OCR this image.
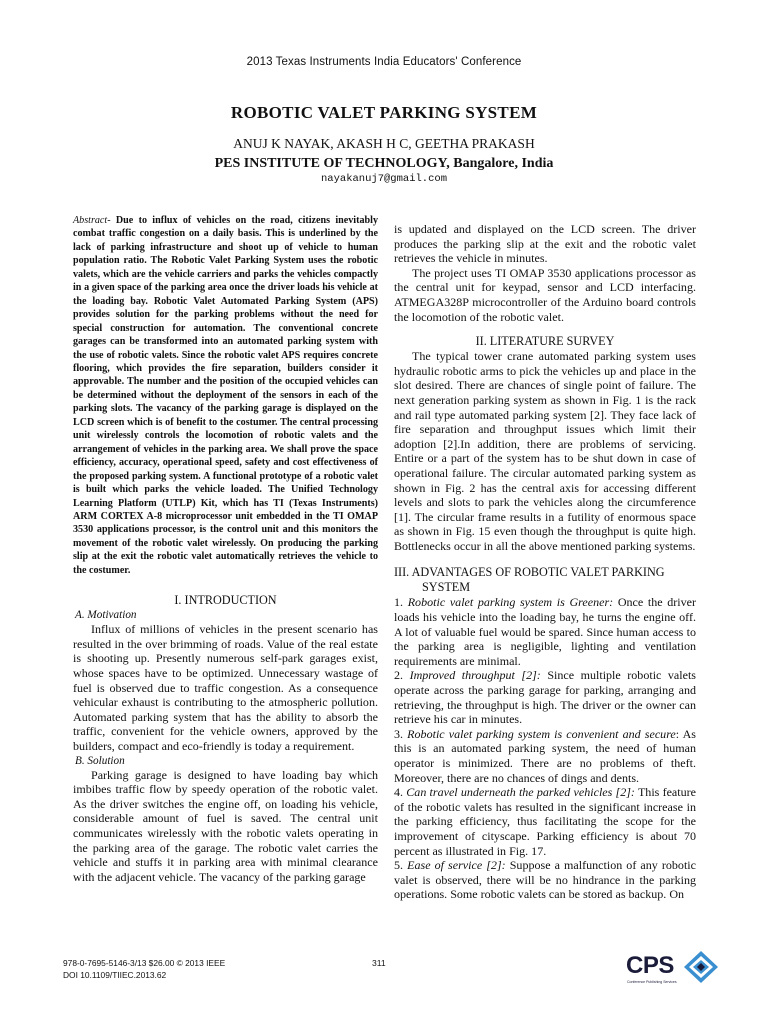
2013 Texas Instruments India Educators' Conference
ROBOTIC VALET PARKING SYSTEM
ANUJ K NAYAK, AKASH H C, GEETHA PRAKASH
PES INSTITUTE OF TECHNOLOGY, Bangalore, India
nayakanuj7@gmail.com

Abstract- Due to influx of vehicles on the road, citizens inevitably combat traffic congestion on a daily basis. This is underlined by the lack of parking infrastructure and shoot up of vehicle to human population ratio. The Robotic Valet Parking System uses the robotic valets, which are the vehicle carriers and parks the vehicles compactly in a given space of the parking area once the driver loads his vehicle at the loading bay. Robotic Valet Automated Parking System (APS) provides solution for the parking problems without the need for special construction for automation. The conventional concrete garages can be transformed into an automated parking system with the use of robotic valets. Since the robotic valet APS requires concrete flooring, which provides the fire separation, builders consider it approvable. The number and the position of the occupied vehicles can be determined without the deployment of the sensors in each of the parking slots. The vacancy of the parking garage is displayed on the LCD screen which is of benefit to the costumer. The central processing unit wirelessly controls the locomotion of robotic valets and the arrangement of vehicles in the parking area. We shall prove the space efficiency, accuracy, operational speed, safety and cost effectiveness of the proposed parking system. A functional prototype of a robotic valet is built which parks the vehicle loaded. The Unified Technology Learning Platform (UTLP) Kit, which has TI (Texas Instruments) ARM CORTEX A-8 microprocessor unit embedded in the TI OMAP 3530 applications processor, is the control unit and this monitors the movement of the robotic valet wirelessly. On producing the parking slip at the exit the robotic valet automatically retrieves the vehicle to the costumer.

I. INTRODUCTION

A. Motivation

Influx of millions of vehicles in the present scenario has resulted in the over brimming of roads. Value of the real estate is shooting up. Presently numerous self-park garages exist, whose spaces have to be optimized. Unnecessary wastage of fuel is observed due to traffic congestion. As a consequence vehicular exhaust is contributing to the atmospheric pollution. Automated parking system that has the ability to absorb the traffic, convenient for the vehicle owners, approved by the builders, compact and eco-friendly is today a requirement.

B. Solution

Parking garage is designed to have loading bay which imbibes traffic flow by speedy operation of the robotic valet. As the driver switches the engine off, on loading his vehicle, considerable amount of fuel is saved. The central unit communicates wirelessly with the robotic valets operating in the parking area of the garage. The robotic valet carries the vehicle and stuffs it in parking area with minimal clearance with the adjacent vehicle. The vacancy of the parking garage

is updated and displayed on the LCD screen. The driver produces the parking slip at the exit and the robotic valet retrieves the vehicle in minutes.

The project uses TI OMAP 3530 applications processor as the central unit for keypad, sensor and LCD interfacing. ATMEGA328P microcontroller of the Arduino board controls the locomotion of the robotic valet.

II. LITERATURE SURVEY

The typical tower crane automated parking system uses hydraulic robotic arms to pick the vehicles up and place in the slot desired. There are chances of single point of failure. The next generation parking system as shown in Fig. 1 is the rack and rail type automated parking system [2]. They face lack of fire separation and throughput issues which limit their adoption [2].In addition, there are problems of servicing. Entire or a part of the system has to be shut down in case of operational failure. The circular automated parking system as shown in Fig. 2 has the central axis for accessing different levels and slots to park the vehicles along the circumference [1]. The circular frame results in a futility of enormous space as shown in Fig. 15 even though the throughput is quite high. Bottlenecks occur in all the above mentioned parking systems.

III. ADVANTAGES OF ROBOTIC VALET PARKING SYSTEM

1. Robotic valet parking system is Greener: Once the driver loads his vehicle into the loading bay, he turns the engine off. A lot of valuable fuel would be spared. Since human access to the parking area is negligible, lighting and ventilation requirements are minimal.

2. Improved throughput [2]: Since multiple robotic valets operate across the parking garage for parking, arranging and retrieving, the throughput is high. The driver or the owner can retrieve his car in minutes.

3. Robotic valet parking system is convenient and secure: As this is an automated parking system, the need of human operator is minimized. There are no problems of theft. Moreover, there are no chances of dings and dents.

4. Can travel underneath the parked vehicles [2]: This feature of the robotic valets has resulted in the significant increase in the parking efficiency, thus facilitating the scope for the improvement of cityscape. Parking efficiency is about 70 percent as illustrated in Fig. 17.

5. Ease of service [2]: Suppose a malfunction of any robotic valet is observed, there will be no hindrance in the parking operations. Some robotic valets can be stored as backup. On

978-0-7695-5146-3/13 $26.00 © 2013 IEEE
DOI 10.1109/TIIEC.2013.62
311	CPS
Conference Publishing Services
